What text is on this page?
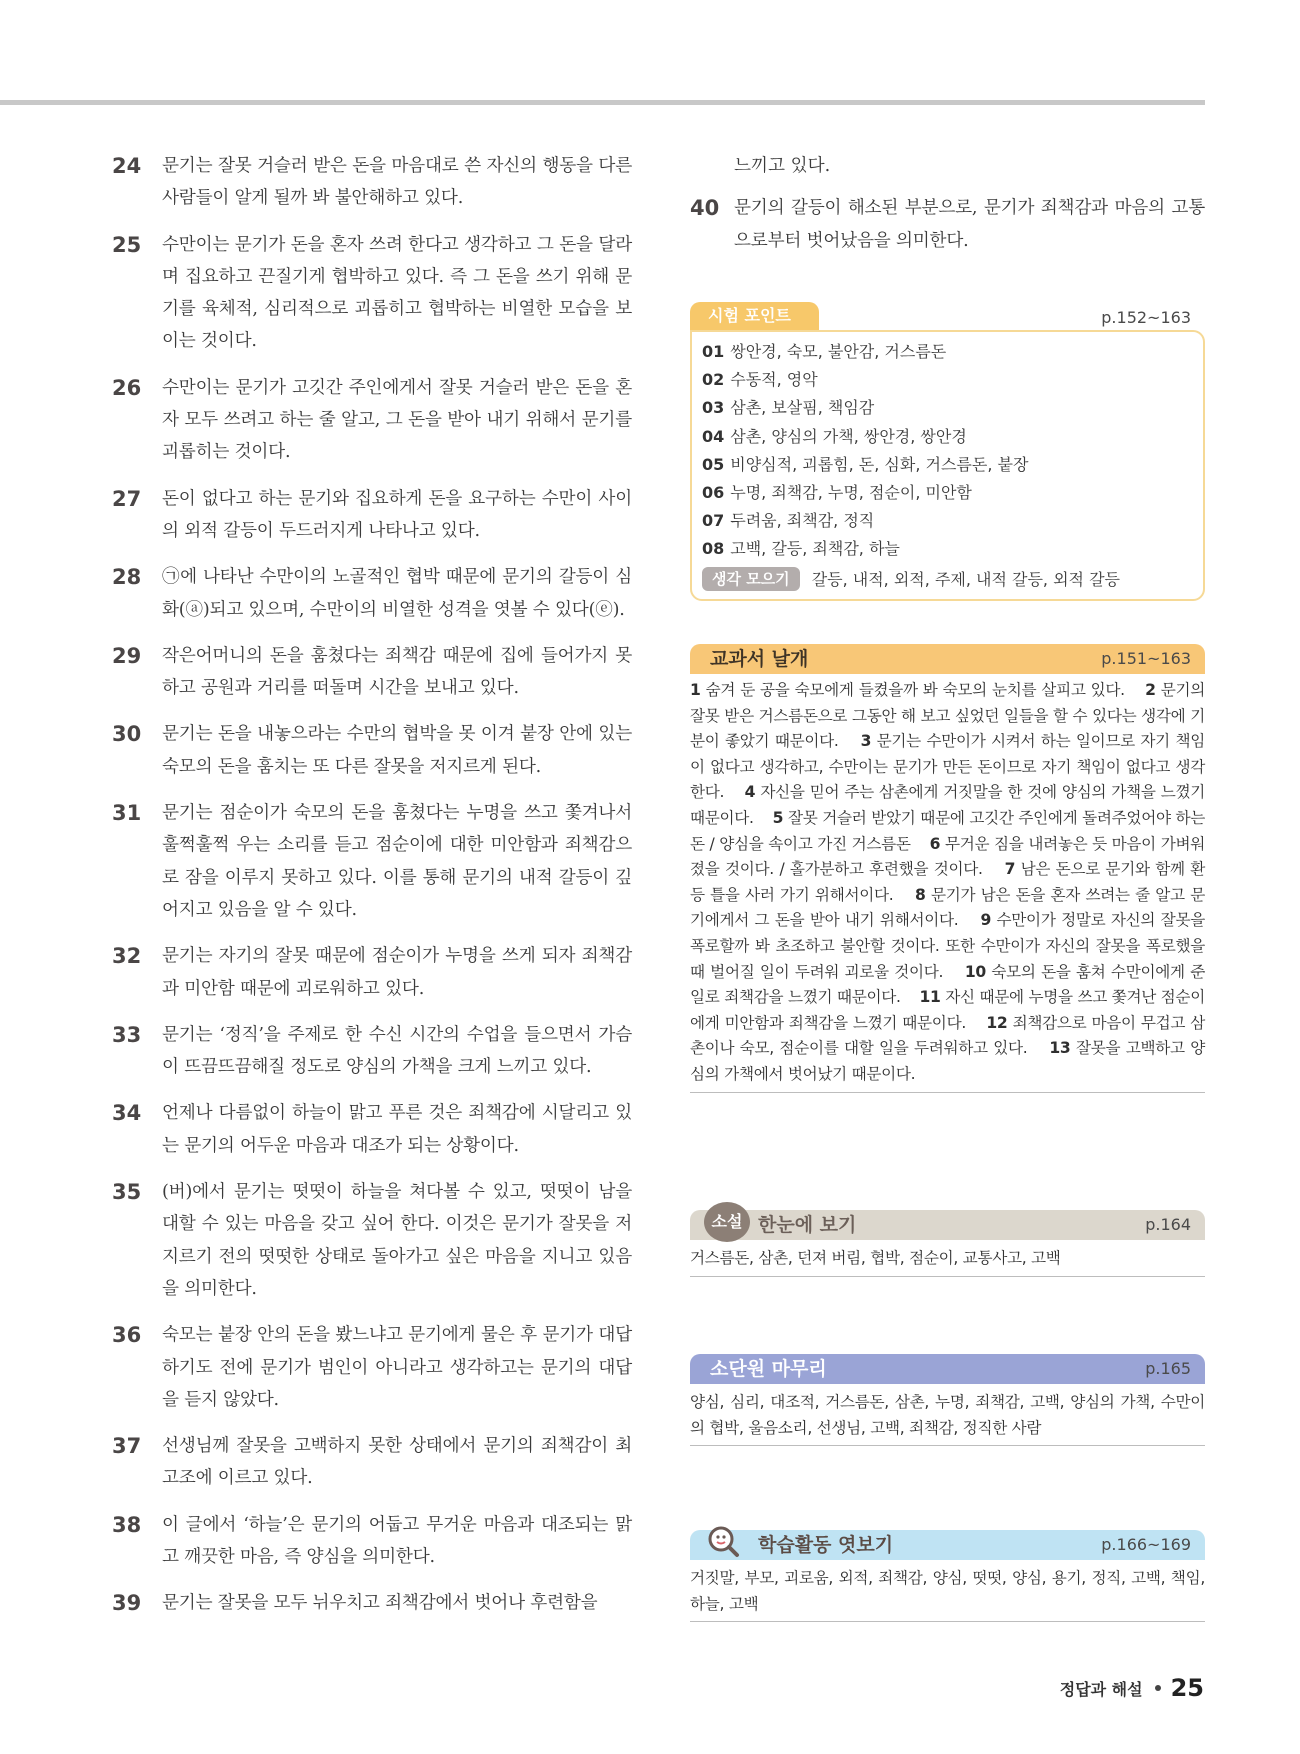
24	문기는 잘못 거슬러 받은 돈을 마음대로 쓴 자신의 행동을 다른 사람들이 알게 될까 봐 불안해하고 있다.
25	수만이는 문기가 돈을 혼자 쓰려 한다고 생각하고 그 돈을 달라며 집요하고 끈질기게 협박하고 있다. 즉 그 돈을 쓰기 위해 문기를 육체적, 심리적으로 괴롭히고 협박하는 비열한 모습을 보이는 것이다.
26	수만이는 문기가 고깃간 주인에게서 잘못 거슬러 받은 돈을 혼자 모두 쓰려고 하는 줄 알고, 그 돈을 받아 내기 위해서 문기를 괴롭히는 것이다.
27	돈이 없다고 하는 문기와 집요하게 돈을 요구하는 수만이 사이의 외적 갈등이 두드러지게 나타나고 있다.
28	㉠에 나타난 수만이의 노골적인 협박 때문에 문기의 갈등이 심화(ⓐ)되고 있으며, 수만이의 비열한 성격을 엿볼 수 있다(ⓔ).
29	작은어머니의 돈을 훔쳤다는 죄책감 때문에 집에 들어가지 못하고 공원과 거리를 떠돌며 시간을 보내고 있다.
30	문기는 돈을 내놓으라는 수만의 협박을 못 이겨 붙장 안에 있는 숙모의 돈을 훔치는 또 다른 잘못을 저지르게 된다.
31	문기는 점순이가 숙모의 돈을 훔쳤다는 누명을 쓰고 쫓겨나서 훌쩍훌쩍 우는 소리를 듣고 점순이에 대한 미안함과 죄책감으로 잠을 이루지 못하고 있다. 이를 통해 문기의 내적 갈등이 깊어지고 있음을 알 수 있다.
32	문기는 자기의 잘못 때문에 점순이가 누명을 쓰게 되자 죄책감과 미안함 때문에 괴로워하고 있다.
33	문기는 ‘정직’을 주제로 한 수신 시간의 수업을 들으면서 가슴이 뜨끔뜨끔해질 정도로 양심의 가책을 크게 느끼고 있다.
34	언제나 다름없이 하늘이 맑고 푸른 것은 죄책감에 시달리고 있는 문기의 어두운 마음과 대조가 되는 상황이다.
35	(버)에서 문기는 떳떳이 하늘을 쳐다볼 수 있고, 떳떳이 남을 대할 수 있는 마음을 갖고 싶어 한다. 이것은 문기가 잘못을 저지르기 전의 떳떳한 상태로 돌아가고 싶은 마음을 지니고 있음을 의미한다.
36	숙모는 붙장 안의 돈을 봤느냐고 문기에게 물은 후 문기가 대답하기도 전에 문기가 범인이 아니라고 생각하고는 문기의 대답을 듣지 않았다.
37	선생님께 잘못을 고백하지 못한 상태에서 문기의 죄책감이 최고조에 이르고 있다.
38	이 글에서 ‘하늘’은 문기의 어둡고 무거운 마음과 대조되는 맑고 깨끗한 마음, 즉 양심을 의미한다.
39	문기는 잘못을 모두 뉘우치고 죄책감에서 벗어나 후련함을
느끼고 있다.
40 문기의 갈등이 해소된 부분으로, 문기가 죄책감과 마음의 고통으로부터 벗어났음을 의미한다.
시험 포인트	p.152~163
01 쌍안경, 숙모, 불안감, 거스름돈
02 수동적, 영악
03 삼촌, 보살핌, 책임감
04 삼촌, 양심의 가책, 쌍안경, 쌍안경
05 비양심적, 괴롭힘, 돈, 심화, 거스름돈, 붙장
06 누명, 죄책감, 누명, 점순이, 미안함
07 두려움, 죄책감, 정직
08 고백, 갈등, 죄책감, 하늘
생각 모으기	갈등, 내적, 외적, 주제, 내적 갈등, 외적 갈등
교과서 날개	p.151~163
1 숨겨 둔 공을 숙모에게 들켰을까 봐 숙모의 눈치를 살피고 있다. 2 문기의 잘못 받은 거스름돈으로 그동안 해 보고 싶었던 일들을 할 수 있다는 생각에 기분이 좋았기 때문이다. 3 문기는 수만이가 시켜서 하는 일이므로 자기 책임이 없다고 생각하고, 수만이는 문기가 만든 돈이므로 자기 책임이 없다고 생각한다. 4 자신을 믿어 주는 삼촌에게 거짓말을 한 것에 양심의 가책을 느꼈기 때문이다. 5 잘못 거슬러 받았기 때문에 고깃간 주인에게 돌려주었어야 하는 돈 / 양심을 속이고 가진 거스름돈 6 무거운 짐을 내려놓은 듯 마음이 가벼워졌을 것이다. / 홀가분하고 후련했을 것이다. 7 남은 돈으로 문기와 함께 환등 틀을 사러 가기 위해서이다. 8 문기가 남은 돈을 혼자 쓰려는 줄 알고 문기에게서 그 돈을 받아 내기 위해서이다. 9 수만이가 정말로 자신의 잘못을 폭로할까 봐 초조하고 불안할 것이다. 또한 수만이가 자신의 잘못을 폭로했을 때 벌어질 일이 두려워 괴로울 것이다. 10 숙모의 돈을 훔쳐 수만이에게 준 일로 죄책감을 느꼈기 때문이다. 11 자신 때문에 누명을 쓰고 쫓겨난 점순이에게 미안함과 죄책감을 느꼈기 때문이다. 12 죄책감으로 마음이 무겁고 삼촌이나 숙모, 점순이를 대할 일을 두려워하고 있다. 13 잘못을 고백하고 양심의 가책에서 벗어났기 때문이다.
소설 한눈에 보기	p.164
거스름돈, 삼촌, 던져 버림, 협박, 점순이, 교통사고, 고백
소단원 마무리	p.165
양심, 심리, 대조적, 거스름돈, 삼촌, 누명, 죄책감, 고백, 양심의 가책, 수만이의 협박, 울음소리, 선생님, 고백, 죄책감, 정직한 사람
학습활동 엿보기	p.166~169
거짓말, 부모, 괴로움, 외적, 죄책감, 양심, 떳떳, 양심, 용기, 정직, 고백, 책임, 하늘, 고백
정답과 해설 25
